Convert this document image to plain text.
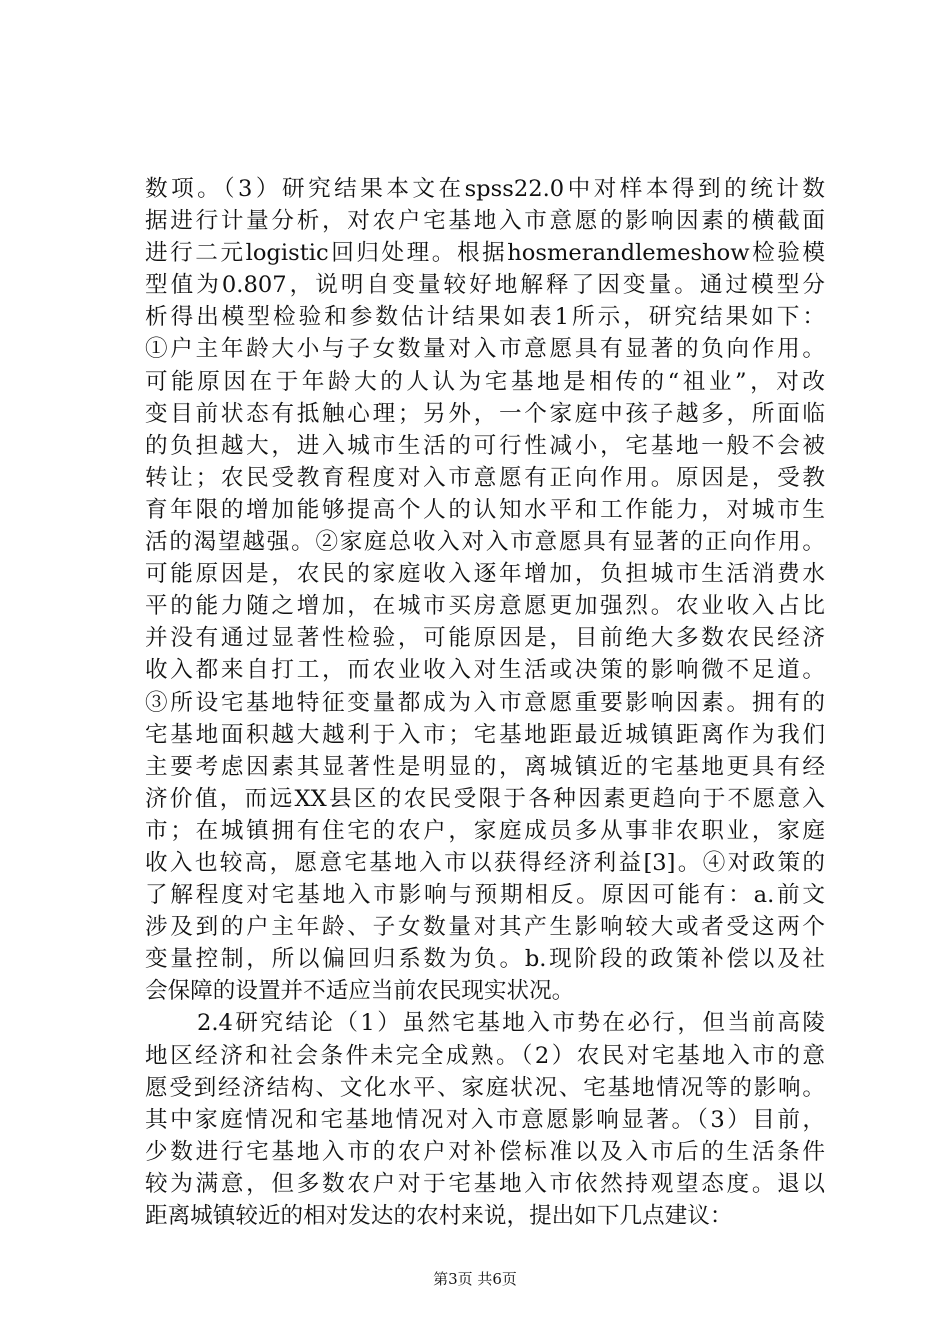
数项。（3）研究结果本文在spss22.0中对样本得到的统计数
据进行计量分析，对农户宅基地入市意愿的影响因素的横截面
进行二元logistic回归处理。根据hosmerandlemeshow检验模
型值为0.807，说明自变量较好地解释了因变量。通过模型分
析得出模型检验和参数估计结果如表1所示，研究结果如下：
①户主年龄大小与子女数量对入市意愿具有显著的负向作用。
可能原因在于年龄大的人认为宅基地是相传的“祖业”，对改
变目前状态有抵触心理；另外，一个家庭中孩子越多，所面临
的负担越大，进入城市生活的可行性减小，宅基地一般不会被
转让；农民受教育程度对入市意愿有正向作用。原因是，受教
育年限的增加能够提高个人的认知水平和工作能力，对城市生
活的渴望越强。②家庭总收入对入市意愿具有显著的正向作用。
可能原因是，农民的家庭收入逐年增加，负担城市生活消费水
平的能力随之增加，在城市买房意愿更加强烈。农业收入占比
并没有通过显著性检验，可能原因是，目前绝大多数农民经济
收入都来自打工，而农业收入对生活或决策的影响微不足道。
③所设宅基地特征变量都成为入市意愿重要影响因素。拥有的
宅基地面积越大越利于入市；宅基地距最近城镇距离作为我们
主要考虑因素其显著性是明显的，离城镇近的宅基地更具有经
济价值，而远XX县区的农民受限于各种因素更趋向于不愿意入
市；在城镇拥有住宅的农户，家庭成员多从事非农职业，家庭
收入也较高，愿意宅基地入市以获得经济利益[3]。④对政策的
了解程度对宅基地入市影响与预期相反。原因可能有：a.前文
涉及到的户主年龄、子女数量对其产生影响较大或者受这两个
变量控制，所以偏回归系数为负。b.现阶段的政策补偿以及社
会保障的设置并不适应当前农民现实状况。
2.4研究结论（1）虽然宅基地入市势在必行，但当前高陵
地区经济和社会条件未完全成熟。（2）农民对宅基地入市的意
愿受到经济结构、文化水平、家庭状况、宅基地情况等的影响。
其中家庭情况和宅基地情况对入市意愿影响显著。（3）目前，
少数进行宅基地入市的农户对补偿标准以及入市后的生活条件
较为满意，但多数农户对于宅基地入市依然持观望态度。退以
距离城镇较近的相对发达的农村来说，提出如下几点建议：
第3页 共6页
